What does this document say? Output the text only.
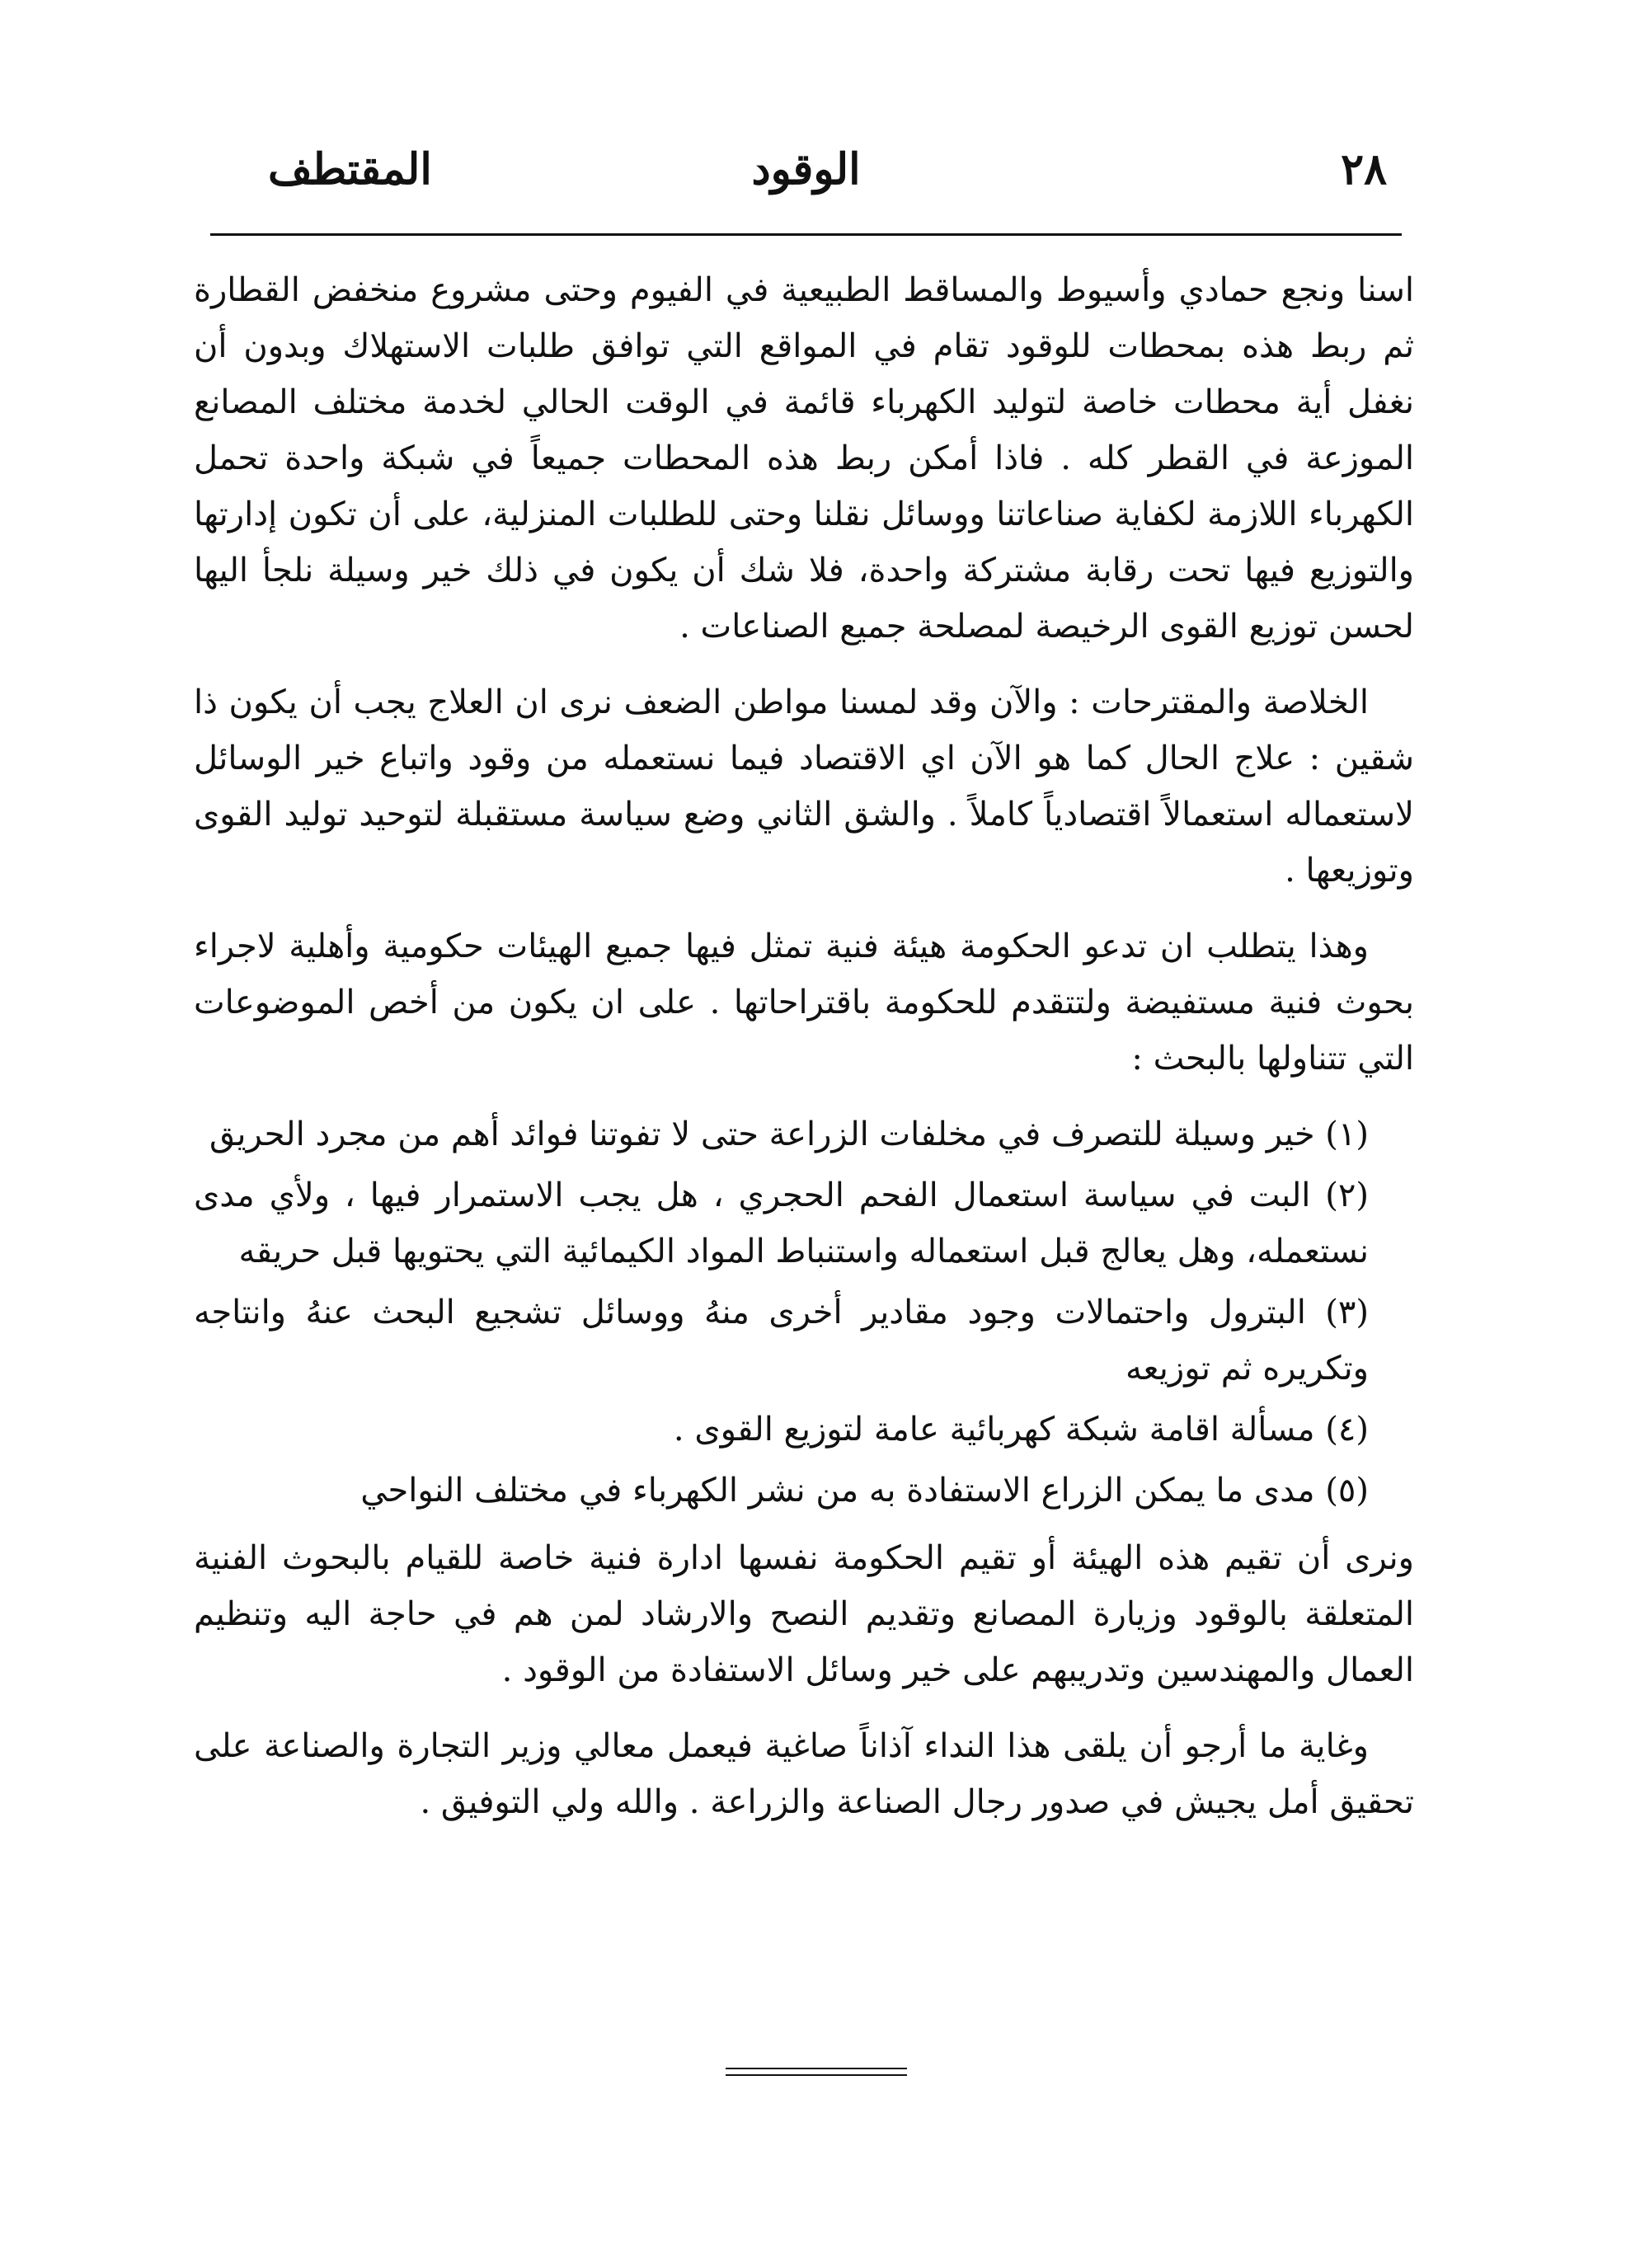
٢٨
الوقود
المقتطف

اسنا ونجع حمادي وأسيوط والمساقط الطبيعية في الفيوم وحتى مشروع منخفض القطارة ثم ربط هذه بمحطات للوقود تقام في المواقع التي توافق طلبات الاستهلاك وبدون أن نغفل أية محطات خاصة لتوليد الكهرباء قائمة في الوقت الحالي لخدمة مختلف المصانع الموزعة في القطر كله . فاذا أمكن ربط هذه المحطات جميعاً في شبكة واحدة تحمل الكهرباء اللازمة لكفاية صناعاتنا ووسائل نقلنا وحتى للطلبات المنزلية، على أن تكون إدارتها والتوزيع فيها تحت رقابة مشتركة واحدة، فلا شك أن يكون في ذلك خير وسيلة نلجأ اليها لحسن توزيع القوى الرخيصة لمصلحة جميع الصناعات .

الخلاصة والمقترحات : والآن وقد لمسنا مواطن الضعف نرى ان العلاج يجب أن يكون ذا شقين : علاج الحال كما هو الآن اي الاقتصاد فيما نستعمله من وقود واتباع خير الوسائل لاستعماله استعمالاً اقتصادياً كاملاً . والشق الثاني وضع سياسة مستقبلة لتوحيد توليد القوى وتوزيعها .

وهذا يتطلب ان تدعو الحكومة هيئة فنية تمثل فيها جميع الهيئات حكومية وأهلية لاجراء بحوث فنية مستفيضة ولتتقدم للحكومة باقتراحاتها . على ان يكون من أخص الموضوعات التي تتناولها بالبحث :

(١) خير وسيلة للتصرف في مخلفات الزراعة حتى لا تفوتنا فوائد أهم من مجرد الحريق
(٢) البت في سياسة استعمال الفحم الحجري ، هل يجب الاستمرار فيها ، ولأي مدى نستعمله، وهل يعالج قبل استعماله واستنباط المواد الكيمائية التي يحتويها قبل حريقه
(٣) البترول واحتمالات وجود مقادير أخرى منهُ ووسائل تشجيع البحث عنهُ وانتاجه وتكريره ثم توزيعه
(٤) مسألة اقامة شبكة كهربائية عامة لتوزيع القوى .
(٥) مدى ما يمكن الزراع الاستفادة به من نشر الكهرباء في مختلف النواحي

ونرى أن تقيم هذه الهيئة أو تقيم الحكومة نفسها ادارة فنية خاصة للقيام بالبحوث الفنية المتعلقة بالوقود وزيارة المصانع وتقديم النصح والارشاد لمن هم في حاجة اليه وتنظيم العمال والمهندسين وتدريبهم على خير وسائل الاستفادة من الوقود .

وغاية ما أرجو أن يلقى هذا النداء آذاناً صاغية فيعمل معالي وزير التجارة والصناعة على تحقيق أمل يجيش في صدور رجال الصناعة والزراعة . والله ولي التوفيق .
